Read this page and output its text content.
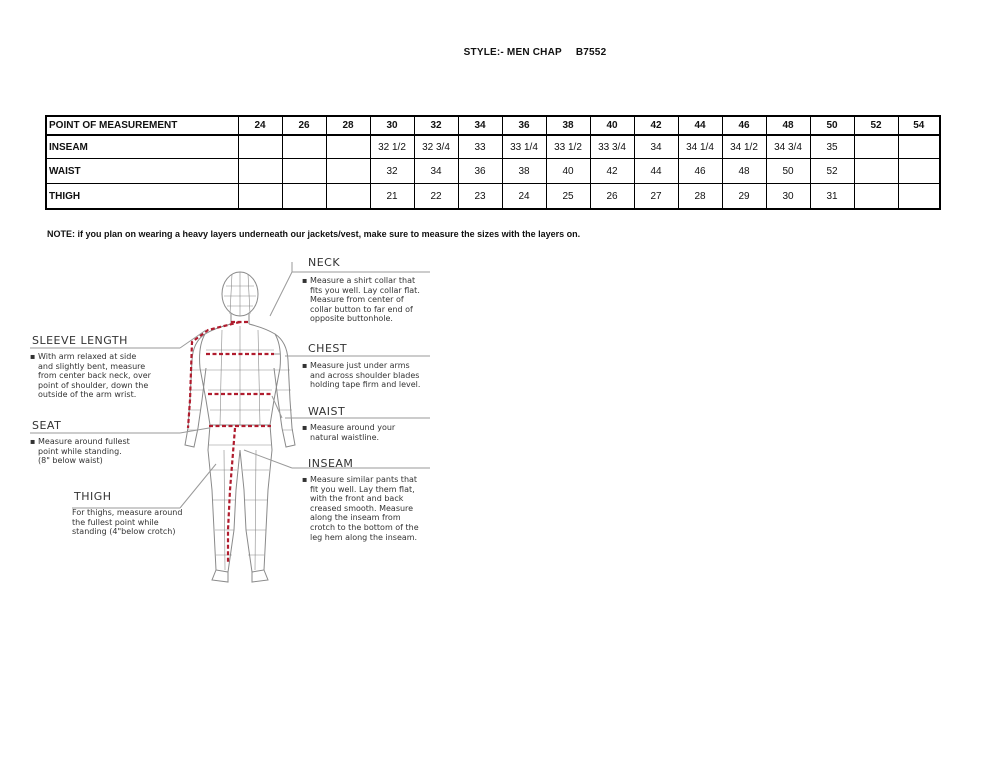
STYLE:- MEN CHAP B7552
POINT OF MEASUREMENT	24	26	28	30	32	34	36	38	40	42	44	46	48	50	52	54
INSEAM				32 1/2	32 3/4	33	33 1/4	33 1/2	33 3/4	34	34 1/4	34 1/2	34 3/4	35		
WAIST				32	34	36	38	40	42	44	46	48	50	52		
THIGH				21	22	23	24	25	26	27	28	29	30	31		
NOTE: if you plan on wearing a heavy layers underneath our jackets/vest, make sure to measure the sizes with the layers on.
NECK
▪ Measure a shirt collar that
fits you well. Lay collar flat.
Measure from center of
collar button to far end of
opposite buttonhole.
CHEST
▪ Measure just under arms
and across shoulder blades
holding tape firm and level.
WAIST
▪ Measure around your
natural waistline.
INSEAM
▪ Measure similar pants that
fit you well. Lay them flat,
with the front and back
creased smooth. Measure
along the inseam from
crotch to the bottom of the
leg hem along the inseam.
SLEEVE LENGTH
▪ With arm relaxed at side
and slightly bent, measure
from center back neck, over
point of shoulder, down the
outside of the arm wrist.
SEAT
▪ Measure around fullest
point while standing.
(8" below waist)
THIGH
For thighs, measure around
the fullest point while
standing (4"below crotch)
